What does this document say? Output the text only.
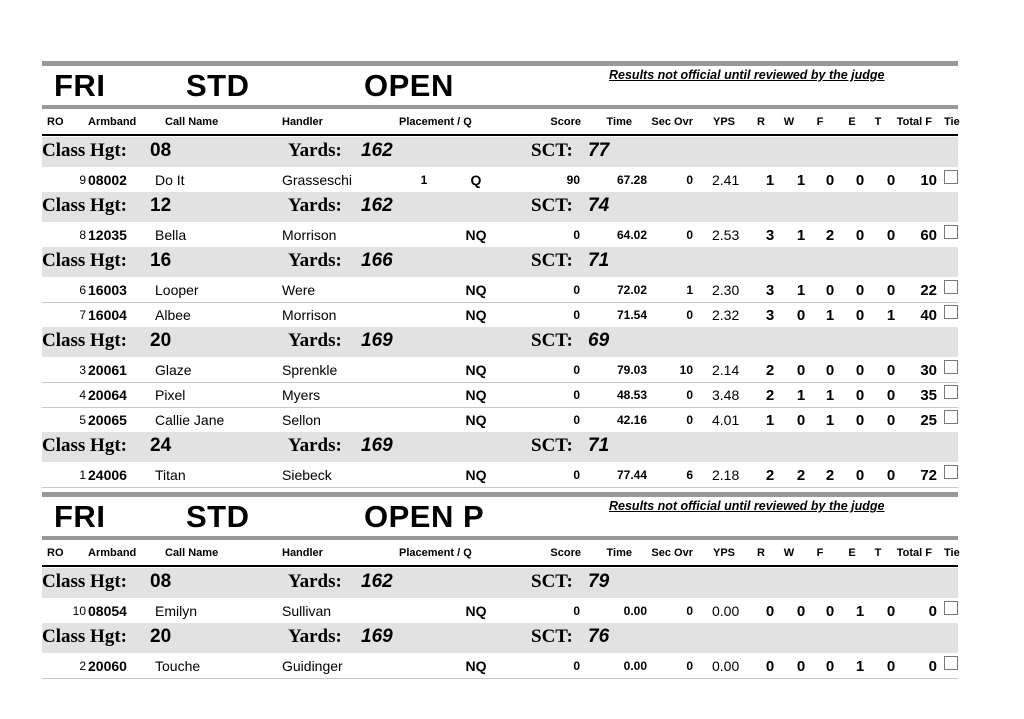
FRI	STD	OPEN	Results not official until reviewed by the judge
RO Armband	Call Name	Handler	Placement / Q	Score Time Sec Ovr YPS R W F E T Total F Tie
Class Hgt: 08	Yards: 162	SCT: 77
9 08002 Do It	Grasseschi	1	Q	90	67.28	0 2.41 1 1 0 0 0 10
Class Hgt: 12	Yards: 162	SCT: 74
8 12035 Bella	Morrison	NQ	0	64.02	0 2.53 3 1 2 0 0 60
Class Hgt: 16	Yards: 166	SCT: 71
6 16003 Looper	Were	NQ	0	72.02	1 2.30 3 1 0 0 0 22
7 16004 Albee	Morrison	NQ	0	71.54	0 2.32 3 0 1 0 1 40
Class Hgt: 20	Yards: 169	SCT: 69
3 20061 Glaze	Sprenkle	NQ	0	79.03	10 2.14 2 0 0 0 0 30
4 20064 Pixel	Myers	NQ	0	48.53	0 3.48 2 1 1 0 0 35
5 20065 Callie Jane	Sellon	NQ	0	42.16	0 4.01 1 0 1 0 0 25
Class Hgt: 24	Yards: 169	SCT: 71
1 24006 Titan	Siebeck	NQ	0	77.44	6 2.18 2 2 2 0 0 72
FRI	STD	OPEN P	Results not official until reviewed by the judge
RO Armband	Call Name	Handler	Placement / Q	Score Time Sec Ovr YPS R W F E T Total F Tie
Class Hgt: 08	Yards: 162	SCT: 79
10 08054 Emilyn	Sullivan	NQ	0	0.00	0 0.00 0 0 0 1 0 0
Class Hgt: 20	Yards: 169	SCT: 76
2 20060 Touche	Guidinger	NQ	0	0.00	0 0.00 0 0 0 1 0 0
